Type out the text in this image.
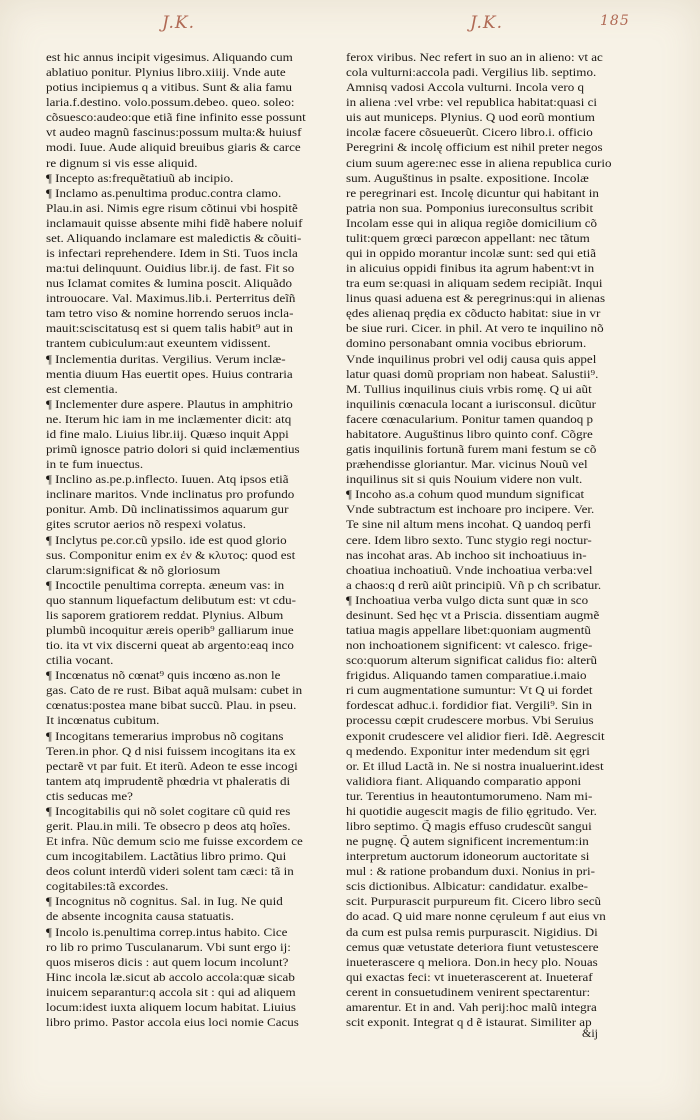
J.K.	J.K.	185
est hic annus incipit vigesimus. Aliquando cum
ablatiuo ponitur. Plynius libro.xiiij. Vnde aute
potius incipiemus q a vitibus. Sunt & alia famu
laria.f.destino. volo.possum.debeo. queo. soleo:
cõsuesco:audeo:que etiã fine infinito esse possunt
vt audeo magnũ fascinus:possum multa:& huiusf
modi. Iuue. Aude aliquid breuibus giaris & carce
re dignum si vis esse aliquid.
¶ Incepto as:frequẽtatiuũ ab incipio.
¶ Inclamo as.penultima produc.contra clamo.
Plau.in asi. Nimis egre risum cõtinui vbi hospitẽ
inclamauit quisse absente mihi fidẽ habere noluif
set. Aliquando inclamare est maledictis & cõuiti-
is infectari reprehendere. Idem in Sti. Tuos incla
ma:tui delinquunt. Ouidius libr.ij. de fast. Fit so
nus Iclamat comites & lumina poscit. Aliquãdo
introuocare. Val. Maximus.lib.i. Perterritus deĩñ
tam tetro viso & nomine horrendo seruos incla-
mauit:sciscitatusq est si quem talis habit⁹ aut in
trantem cubiculum:aut exeuntem vidissent.
¶ Inclementia duritas. Vergilius. Verum inclæ-
mentia diuum Has euertit opes. Huius contraria
est clementia.
¶ Inclementer dure aspere. Plautus in amphitrio
ne. Iterum hic iam in me inclæmenter dicit: atq
id fine malo. Liuius libr.iij. Quæso inquit Appi
primũ ignosce patrio dolori si quid inclæmentius
in te fum inuectus.
¶ Inclino as.pe.p.inflecto. Iuuen. Atq ipsos etiã
inclinare maritos. Vnde inclinatus pro profundo
ponitur. Amb. Dũ inclinatissimos aquarum gur
gites scrutor aerios nõ respexi volatus.
¶ Inclytus pe.cor.cũ ypsilo. ide est quod glorio
sus. Componitur enim ex ἐν & κλυτος: quod est
clarum:significat & nõ gloriosum
¶ Incoctile penultima correpta. æneum vas: in
quo stannum liquefactum delibutum est: vt cdu-
lis saporem gratiorem reddat. Plynius. Album
plumbũ incoquitur æreis operib⁹ galliarum inue
tio. ita vt vix discerni queat ab argento:eaq inco
ctilia vocant.
¶ Incœnatus nõ cœnat⁹ quis incœno as.non le
gas. Cato de re rust. Bibat aquã mulsam: cubet in
cœnatus:postea mane bibat succũ. Plau. in pseu.
It incœnatus cubitum.
¶ Incogitans temerarius improbus nõ cogitans
Teren.in phor. Q d nisi fuissem incogitans ita ex
pectarẽ vt par fuit. Et iterũ. Adeon te esse incogi
tantem atq imprudentẽ phœdria vt phaleratis di
ctis seducas me?
¶ Incogitabilis qui nõ solet cogitare cũ quid res
gerit. Plau.in mili. Te obsecro p deos atq hoĩes.
Et infra. Nũc demum scio me fuisse excordem ce
cum incogitabilem. Lactãtius libro primo. Qui
deos colunt interdũ videri solent tam cæci: tã in
cogitabiles:tã excordes.
¶ Incognitus nõ cognitus. Sal. in Iug. Ne quid
de absente incognita causa statuatis.
¶ Incolo is.penultima correp.intus habito. Cice
ro lib ro primo Tusculanarum. Vbi sunt ergo ij:
quos miseros dicis : aut quem locum incolunt?
Hinc incola læ.sicut ab accolo accola:quæ sicab
inuicem separantur:q accola sit : qui ad aliquem
locum:idest iuxta aliquem locum habitat. Liuius
libro primo. Pastor accola eius loci nomie Cacus
ferox viribus. Nec refert in suo an in alieno: vt ac
cola vulturni:accola padi. Vergilius lib. septimo.
Amnisq vadosi Accola vulturni. Incola vero q
in aliena :vel vrbe: vel republica habitat:quasi ci
uis aut municeps. Plynius. Q uod eorũ montium
incolæ facere cõsueuerũt. Cicero libro.i. officio
Peregrini & incolę officium est nihil preter negos
cium suum agere:nec esse in aliena republica curio
sum. Auguštinus in psalte. expositione. Incolæ
re peregrinari est. Incolę dicuntur qui habitant in
patria non sua. Pomponius iureconsultus scribit
Incolam esse qui in aliqua regiõe domicilium cõ
tulit:quem grœci parœcon appellant: nec tãtum
qui in oppido morantur incolæ sunt: sed qui etiã
in alicuius oppidi finibus ita agrum habent:vt in
tra eum se:quasi in aliquam sedem recipiãt. Inqui
linus quasi aduena est & peregrinus:qui in alienas
ędes alienaq prędia ex cõducto habitat: siue in vr
be siue ruri. Cicer. in phil. At vero te inquilino nõ
domino personabant omnia vocibus ebriorum.
Vnde inquilinus probri vel odij causa quis appel
latur quasi domũ propriam non habeat. Salustii⁹.
M. Tullius inquilinus ciuis vrbis romę. Q ui aũt
inquilinis cœnacula locant a iurisconsul. dicũtur
facere cœnacularium. Ponitur tamen quandoq p
habitatore. Auguštinus libro quinto conf. Cõgre
gatis inquilinis fortunã furem mani festum se cõ
præhendisse gloriantur. Mar. vicinus Nouũ vel
inquilinus sit si quis Nouium videre non vult.
¶ Incoho as.a cohum quod mundum significat
Vnde subtractum est inchoare pro incipere. Ver.
Te sine nil altum mens incohat. Q uandoq perfi
cere. Idem libro sexto. Tunc stygio regi noctur-
nas incohat aras. Ab inchoo sit inchoatiuus in-
choatiua inchoatiuũ. Vnde inchoatiua verba:vel
a chaos:q d rerũ aiũt principiũ. Vñ p ch scribatur.
¶ Inchoatiua verba vulgo dicta sunt quæ in sco
desinunt. Sed hęc vt a Priscia. dissentiam augmẽ
tatiua magis appellare libet:quoniam augmentũ
non inchoationem significent: vt calesco. frige-
sco:quorum alterum significat calidus fio: alterũ
frigidus. Aliquando tamen comparatiue.i.maio
ri cum augmentatione sumuntur: Vt Q ui fordet
fordescat adhuc.i. fordidior fiat. Vergili⁹. Sin in
processu cœpit crudescere morbus. Vbi Seruius
exponit crudescere vel alidior fieri. Idẽ. Aegrescit
q medendo. Exponitur inter medendum sit ęgri
or. Et illud Lactã in. Ne si nostra inualuerint.idest
validiora fiant. Aliquando comparatio apponi
tur. Terentius in heautontumorumeno. Nam mi-
hi quotidie augescit magis de filio ęgritudo. Ver.
libro septimo. Q̃ magis effuso crudescũt sangui
ne pugnę. Q̃ autem significent incrementum:in
interpretum auctorum idoneorum auctoritate si
mul : & ratione probandum duxi. Nonius in pri-
scis dictionibus. Albicatur: candidatur. exalbe-
scit. Purpurascit purpureum fit. Cicero libro secũ
do acad. Q uid mare nonne cęruleum f aut eius vn
da cum est pulsa remis purpurascit. Nigidius. Di
cemus quæ vetustate deteriora fiunt vetustescere
inueterascere q meliora. Don.in hecy plo. Nouas
qui exactas feci: vt inueterascerent at. Inueteraf
cerent in consuetudinem venirent spectarentur:
amarentur. Et in and. Vah perij:hoc malũ integra
scit exponit. Integrat q d ẽ istaurat. Similiter ap
&ij
